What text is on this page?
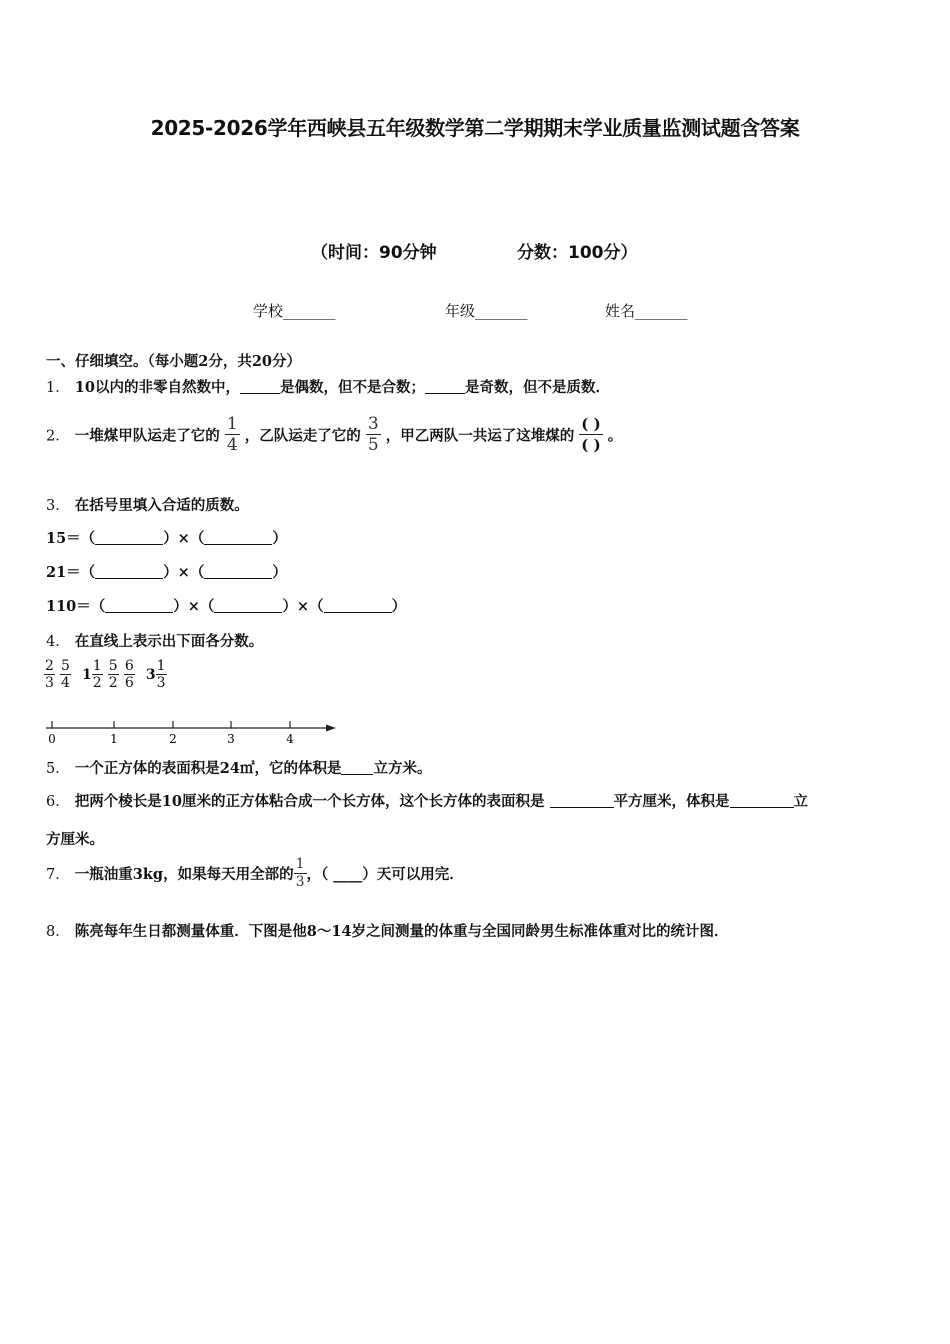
2025-2026学年西峡县五年级数学第二学期期末学业质量监测试题含答案
（时间：90分钟	分数：100分）
学校_______	年级_______	姓名_______
一、仔细填空。（每小题2分，共20分）
1． 10以内的非零自然数中，	是偶数，但不是合数；	是奇数，但不是质数．
2． 一堆煤甲队运走了它的 $\frac{1}{4}$ ，乙队运走了它的 $\frac{3}{5}$ ，甲乙两队一共运了这堆煤的
( )
( )
。
3． 在括号里填入合适的质数。
15＝（	）×（	）
21＝（	）×（	）
110＝（	）×（	）×（	）
4． 在直线上表示出下面各分数。
$\frac{2}{3}$
$\frac{5}{4} 1 \frac{1}{2}$
$\frac{5}{2}$
$\frac{6}{6} 3 \frac{1}{3}$
0	1	2	3	4
5． 一个正方体的表面积是24㎡，它的体积是 立方米。
6． 把两个棱长是10厘米的正方体粘合成一个长方体，这个长方体的表面积是	平方厘米，体积是	立
方厘米。
7． 一瓶油重3kg，如果每天用全部的 $\frac{1}{3}$ ，（ ____）天可以用完．
8． 陈亮每年生日都测量体重．下图是他8～14岁之间测量的体重与全国同龄男生标准体重对比的统计图．
